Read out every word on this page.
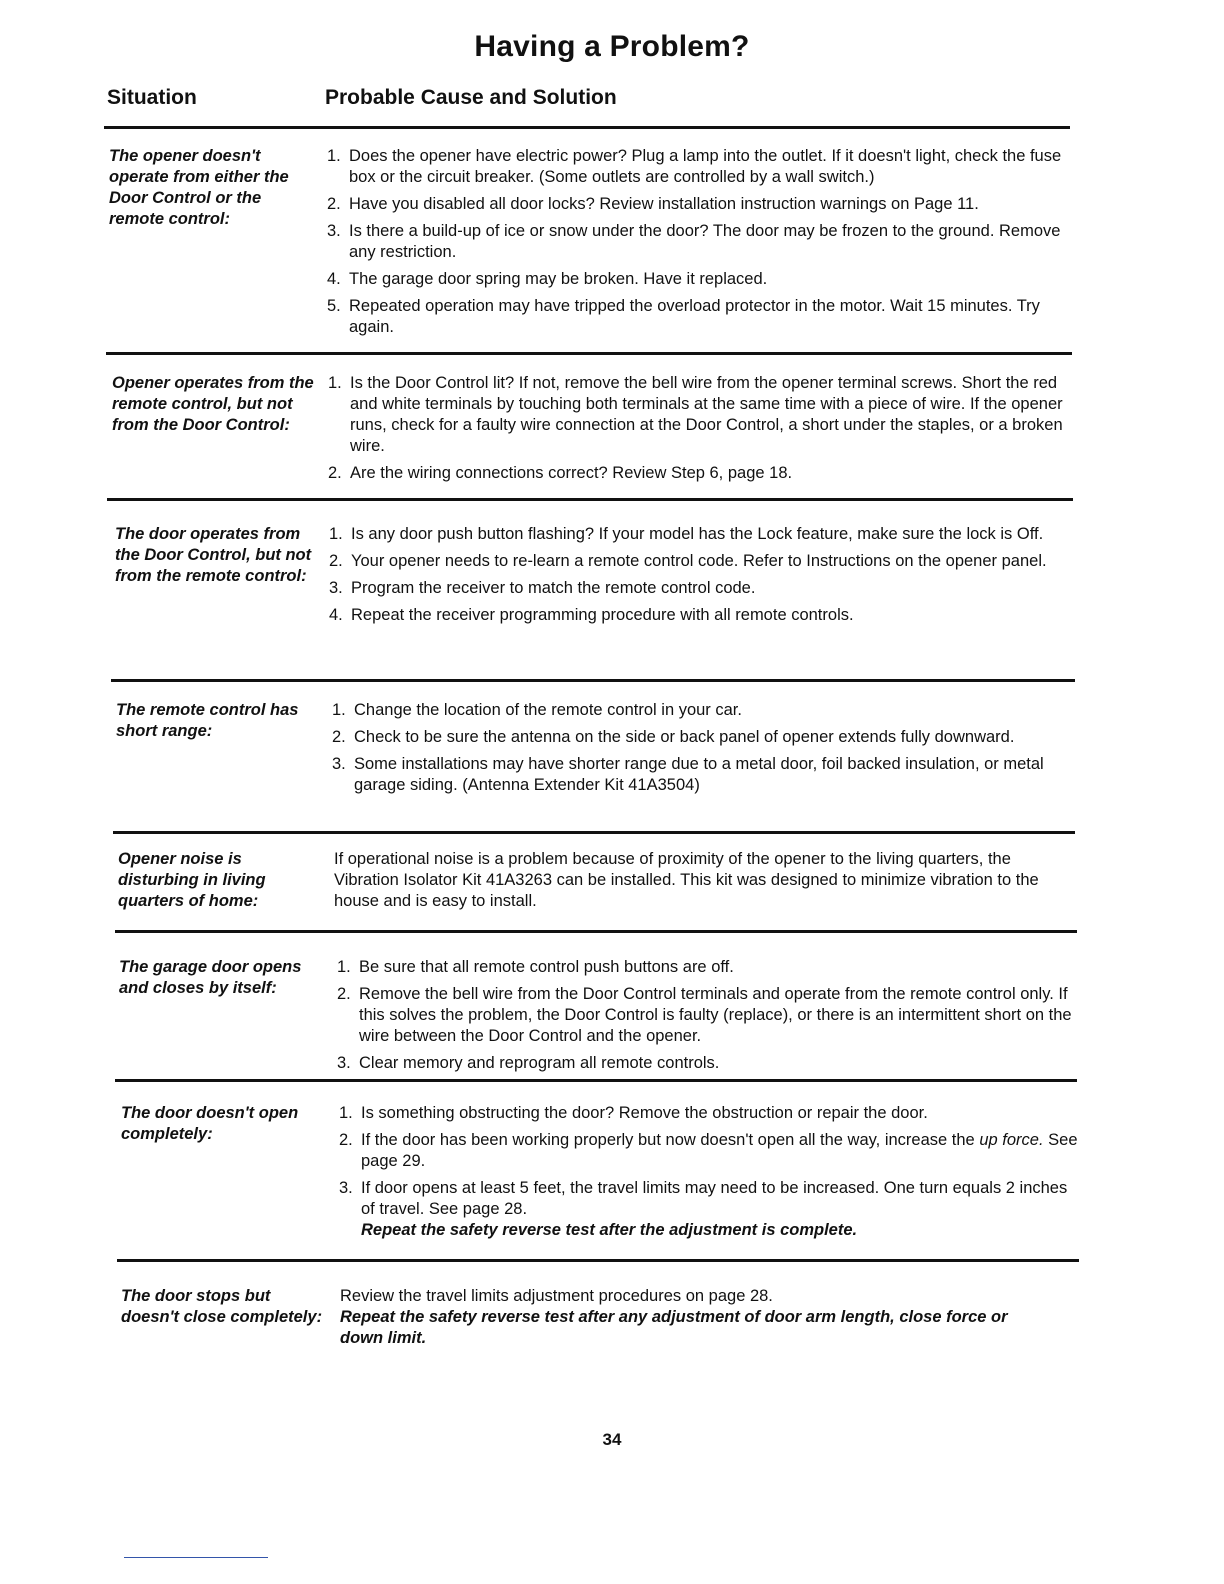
Having a Problem?
Situation	Probable Cause and Solution
The opener doesn't operate from either the Door Control or the remote control:
1. Does the opener have electric power? Plug a lamp into the outlet. If it doesn't light, check the fuse box or the circuit breaker. (Some outlets are controlled by a wall switch.)
2. Have you disabled all door locks? Review installation instruction warnings on Page 11.
3. Is there a build-up of ice or snow under the door? The door may be frozen to the ground. Remove any restriction.
4. The garage door spring may be broken. Have it replaced.
5. Repeated operation may have tripped the overload protector in the motor. Wait 15 minutes. Try again.
Opener operates from the remote control, but not from the Door Control:
1. Is the Door Control lit? If not, remove the bell wire from the opener terminal screws. Short the red and white terminals by touching both terminals at the same time with a piece of wire. If the opener runs, check for a faulty wire connection at the Door Control, a short under the staples, or a broken wire.
2. Are the wiring connections correct? Review Step 6, page 18.
The door operates from the Door Control, but not from the remote control:
1. Is any door push button flashing? If your model has the Lock feature, make sure the lock is Off.
2. Your opener needs to re-learn a remote control code. Refer to Instructions on the opener panel.
3. Program the receiver to match the remote control code.
4. Repeat the receiver programming procedure with all remote controls.
The remote control has short range:
1. Change the location of the remote control in your car.
2. Check to be sure the antenna on the side or back panel of opener extends fully downward.
3. Some installations may have shorter range due to a metal door, foil backed insulation, or metal garage siding. (Antenna Extender Kit 41A3504)
Opener noise is disturbing in living quarters of home:
If operational noise is a problem because of proximity of the opener to the living quarters, the Vibration Isolator Kit 41A3263 can be installed. This kit was designed to minimize vibration to the house and is easy to install.
The garage door opens and closes by itself:
1. Be sure that all remote control push buttons are off.
2. Remove the bell wire from the Door Control terminals and operate from the remote control only. If this solves the problem, the Door Control is faulty (replace), or there is an intermittent short on the wire between the Door Control and the opener.
3. Clear memory and reprogram all remote controls.
The door doesn't open completely:
1. Is something obstructing the door? Remove the obstruction or repair the door.
2. If the door has been working properly but now doesn't open all the way, increase the up force. See page 29.
3. If door opens at least 5 feet, the travel limits may need to be increased. One turn equals 2 inches of travel. See page 28.
Repeat the safety reverse test after the adjustment is complete.
The door stops but doesn't close completely:
Review the travel limits adjustment procedures on page 28.
Repeat the safety reverse test after any adjustment of door arm length, close force or down limit.
34
